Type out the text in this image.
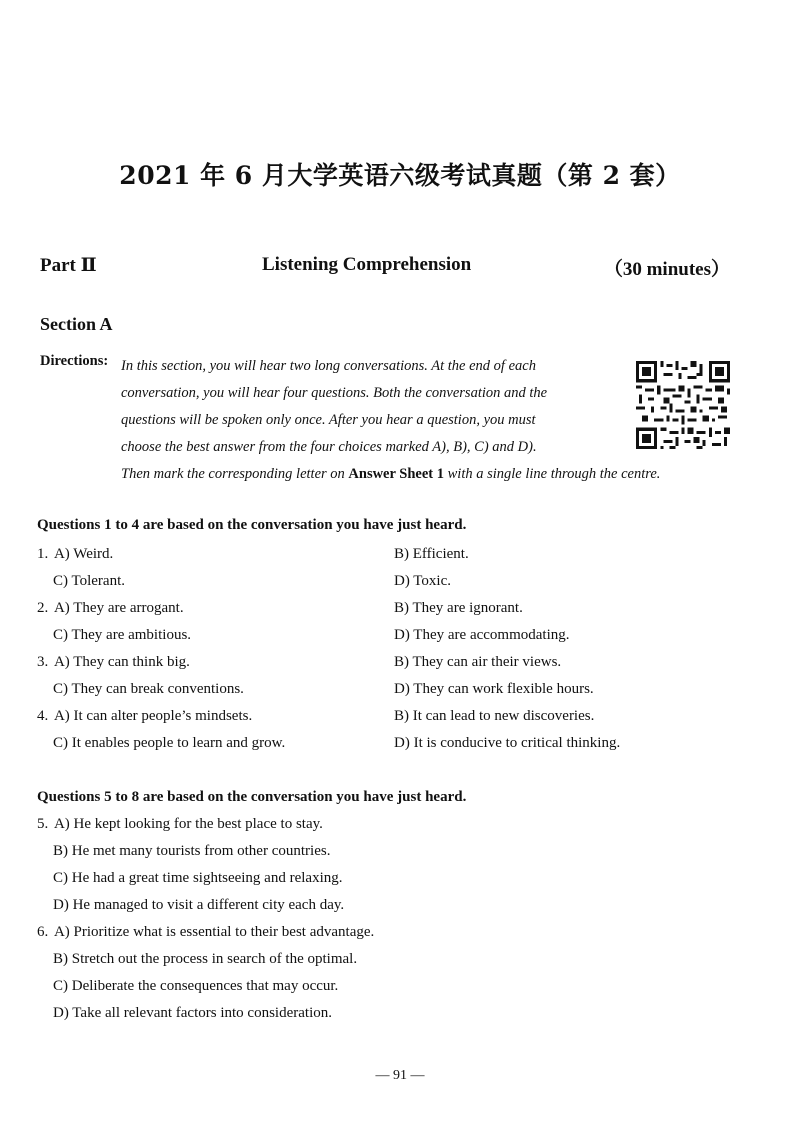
2021 年 6 月大学英语六级考试真题（第 2 套）
Part Ⅱ	Listening Comprehension	（30 minutes）
Section A
Directions: In this section, you will hear two long conversations. At the end of each
conversation, you will hear four questions. Both the conversation and the
questions will be spoken only once. After you hear a question, you must
choose the best answer from the four choices marked A), B), C) and D).
Then mark the corresponding letter on Answer Sheet 1 with a single line through the centre.
Questions 1 to 4 are based on the conversation you have just heard.
1. A) Weird.	B) Efficient.
C) Tolerant.	D) Toxic.
2. A) They are arrogant.	B) They are ignorant.
C) They are ambitious.	D) They are accommodating.
3. A) They can think big.	B) They can air their views.
C) They can break conventions.	D) They can work flexible hours.
4. A) It can alter people’s mindsets.	B) It can lead to new discoveries.
C) It enables people to learn and grow.	D) It is conducive to critical thinking.
Questions 5 to 8 are based on the conversation you have just heard.
5. A) He kept looking for the best place to stay.
B) He met many tourists from other countries.
C) He had a great time sightseeing and relaxing.
D) He managed to visit a different city each day.
6. A) Prioritize what is essential to their best advantage.
B) Stretch out the process in search of the optimal.
C) Deliberate the consequences that may occur.
D) Take all relevant factors into consideration.
— 91 —
